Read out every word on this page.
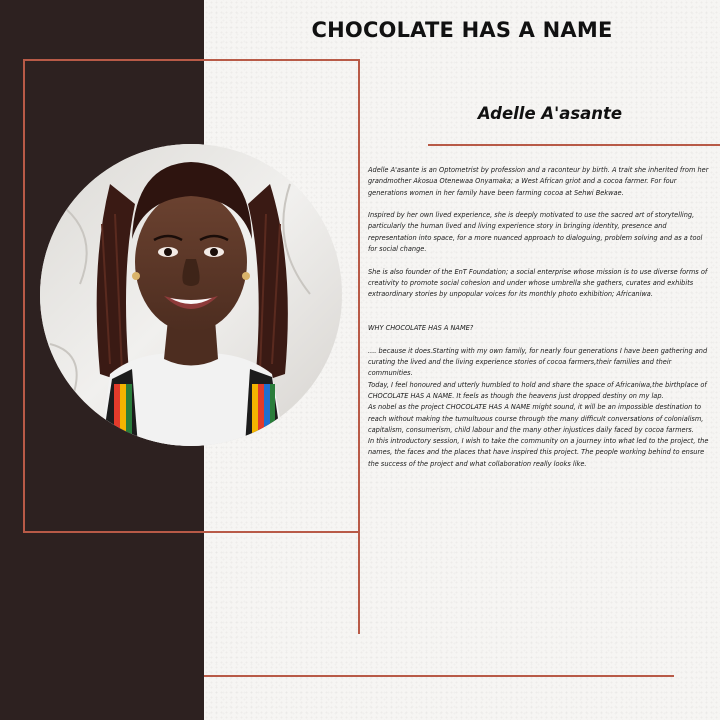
CHOCOLATE HAS A NAME
Adelle A'asante

Adelle A'asante is an Optometrist by profession and a raconteur by birth. A trait she inherited from her grandmother Akosua Otenewaa Onyamaka; a West African griot and a cocoa farmer. For four generations women in her family have been farming cocoa at Sehwi Bekwae.

Inspired by her own lived experience, she is deeply motivated to use the sacred art of storytelling, particularly the human lived and living experience story in bringing identity, presence and representation into space, for a more nuanced approach to dialoguing, problem solving and as a tool for social change.

She is also founder of the EnT Foundation; a social enterprise whose mission is to use diverse forms of creativity to promote social cohesion and under whose umbrella she gathers, curates and exhibits extraordinary stories by unpopular voices for its monthly photo exhibition; Africaniwa.

WHY CHOCOLATE HAS A NAME?

.... because it does.Starting with my own family, for nearly four generations I have been gathering and curating the lived and the living experience stories of cocoa farmers,their families and their communities.

Today, I feel honoured and utterly humbled to hold and share the space of Africaniwa,the birthplace of CHOCOLATE HAS A NAME. It feels as though the heavens just dropped destiny on my lap.

As nobel as the project CHOCOLATE HAS A NAME might sound, it will be an impossible destination to reach without making the tumultuous course through the many difficult conversations of colonialism, capitalism, consumerism, child labour and the many other injustices daily faced by cocoa farmers.

In this introductory session, I wish to take the community on a journey into what led to the project, the names, the faces and the places that have inspired this project. The people working behind to ensure the success of the project and what collaboration really looks like.
